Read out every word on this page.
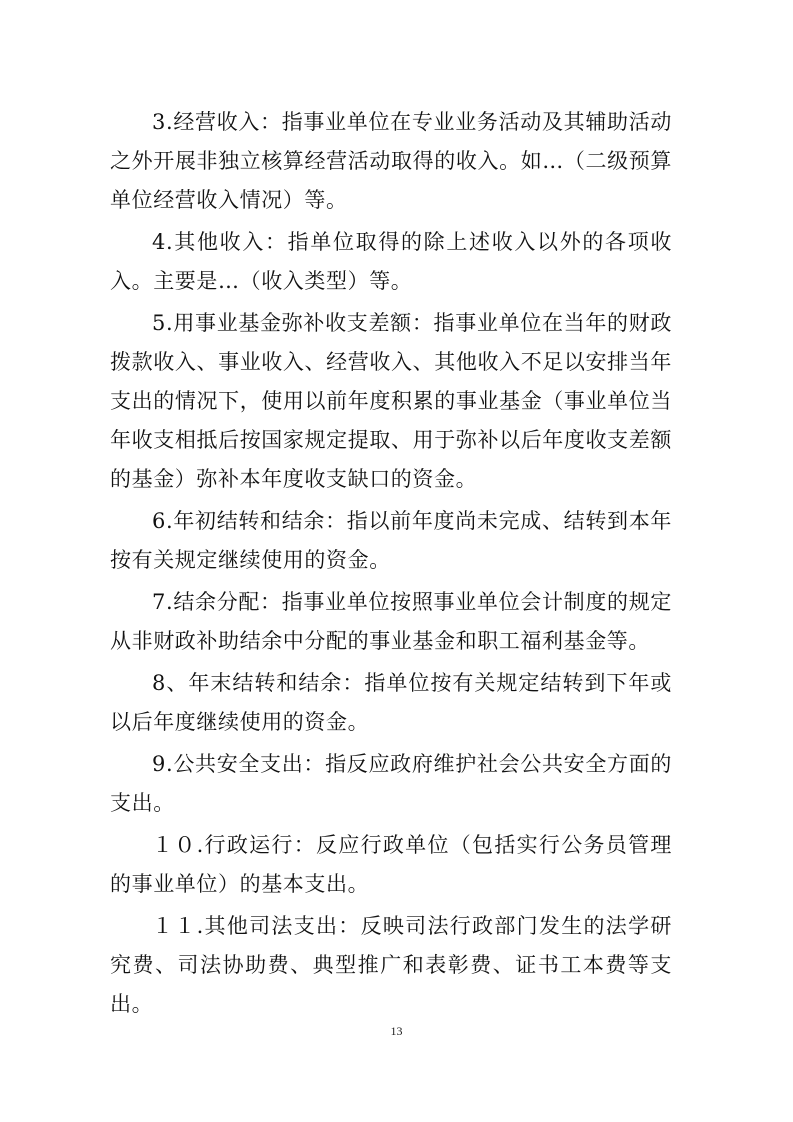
3.经营收入：指事业单位在专业业务活动及其辅助活动之外开展非独立核算经营活动取得的收入。如…（二级预算单位经营收入情况）等。

4.其他收入：指单位取得的除上述收入以外的各项收入。主要是…（收入类型）等。

5.用事业基金弥补收支差额：指事业单位在当年的财政拨款收入、事业收入、经营收入、其他收入不足以安排当年支出的情况下，使用以前年度积累的事业基金（事业单位当年收支相抵后按国家规定提取、用于弥补以后年度收支差额的基金）弥补本年度收支缺口的资金。

6.年初结转和结余：指以前年度尚未完成、结转到本年按有关规定继续使用的资金。

7.结余分配：指事业单位按照事业单位会计制度的规定从非财政补助结余中分配的事业基金和职工福利基金等。

8、年末结转和结余：指单位按有关规定结转到下年或以后年度继续使用的资金。

9.公共安全支出：指反应政府维护社会公共安全方面的支出。

１０.行政运行：反应行政单位（包括实行公务员管理的事业单位）的基本支出。

１１.其他司法支出：反映司法行政部门发生的法学研究费、司法协助费、典型推广和表彰费、证书工本费等支出。

13
